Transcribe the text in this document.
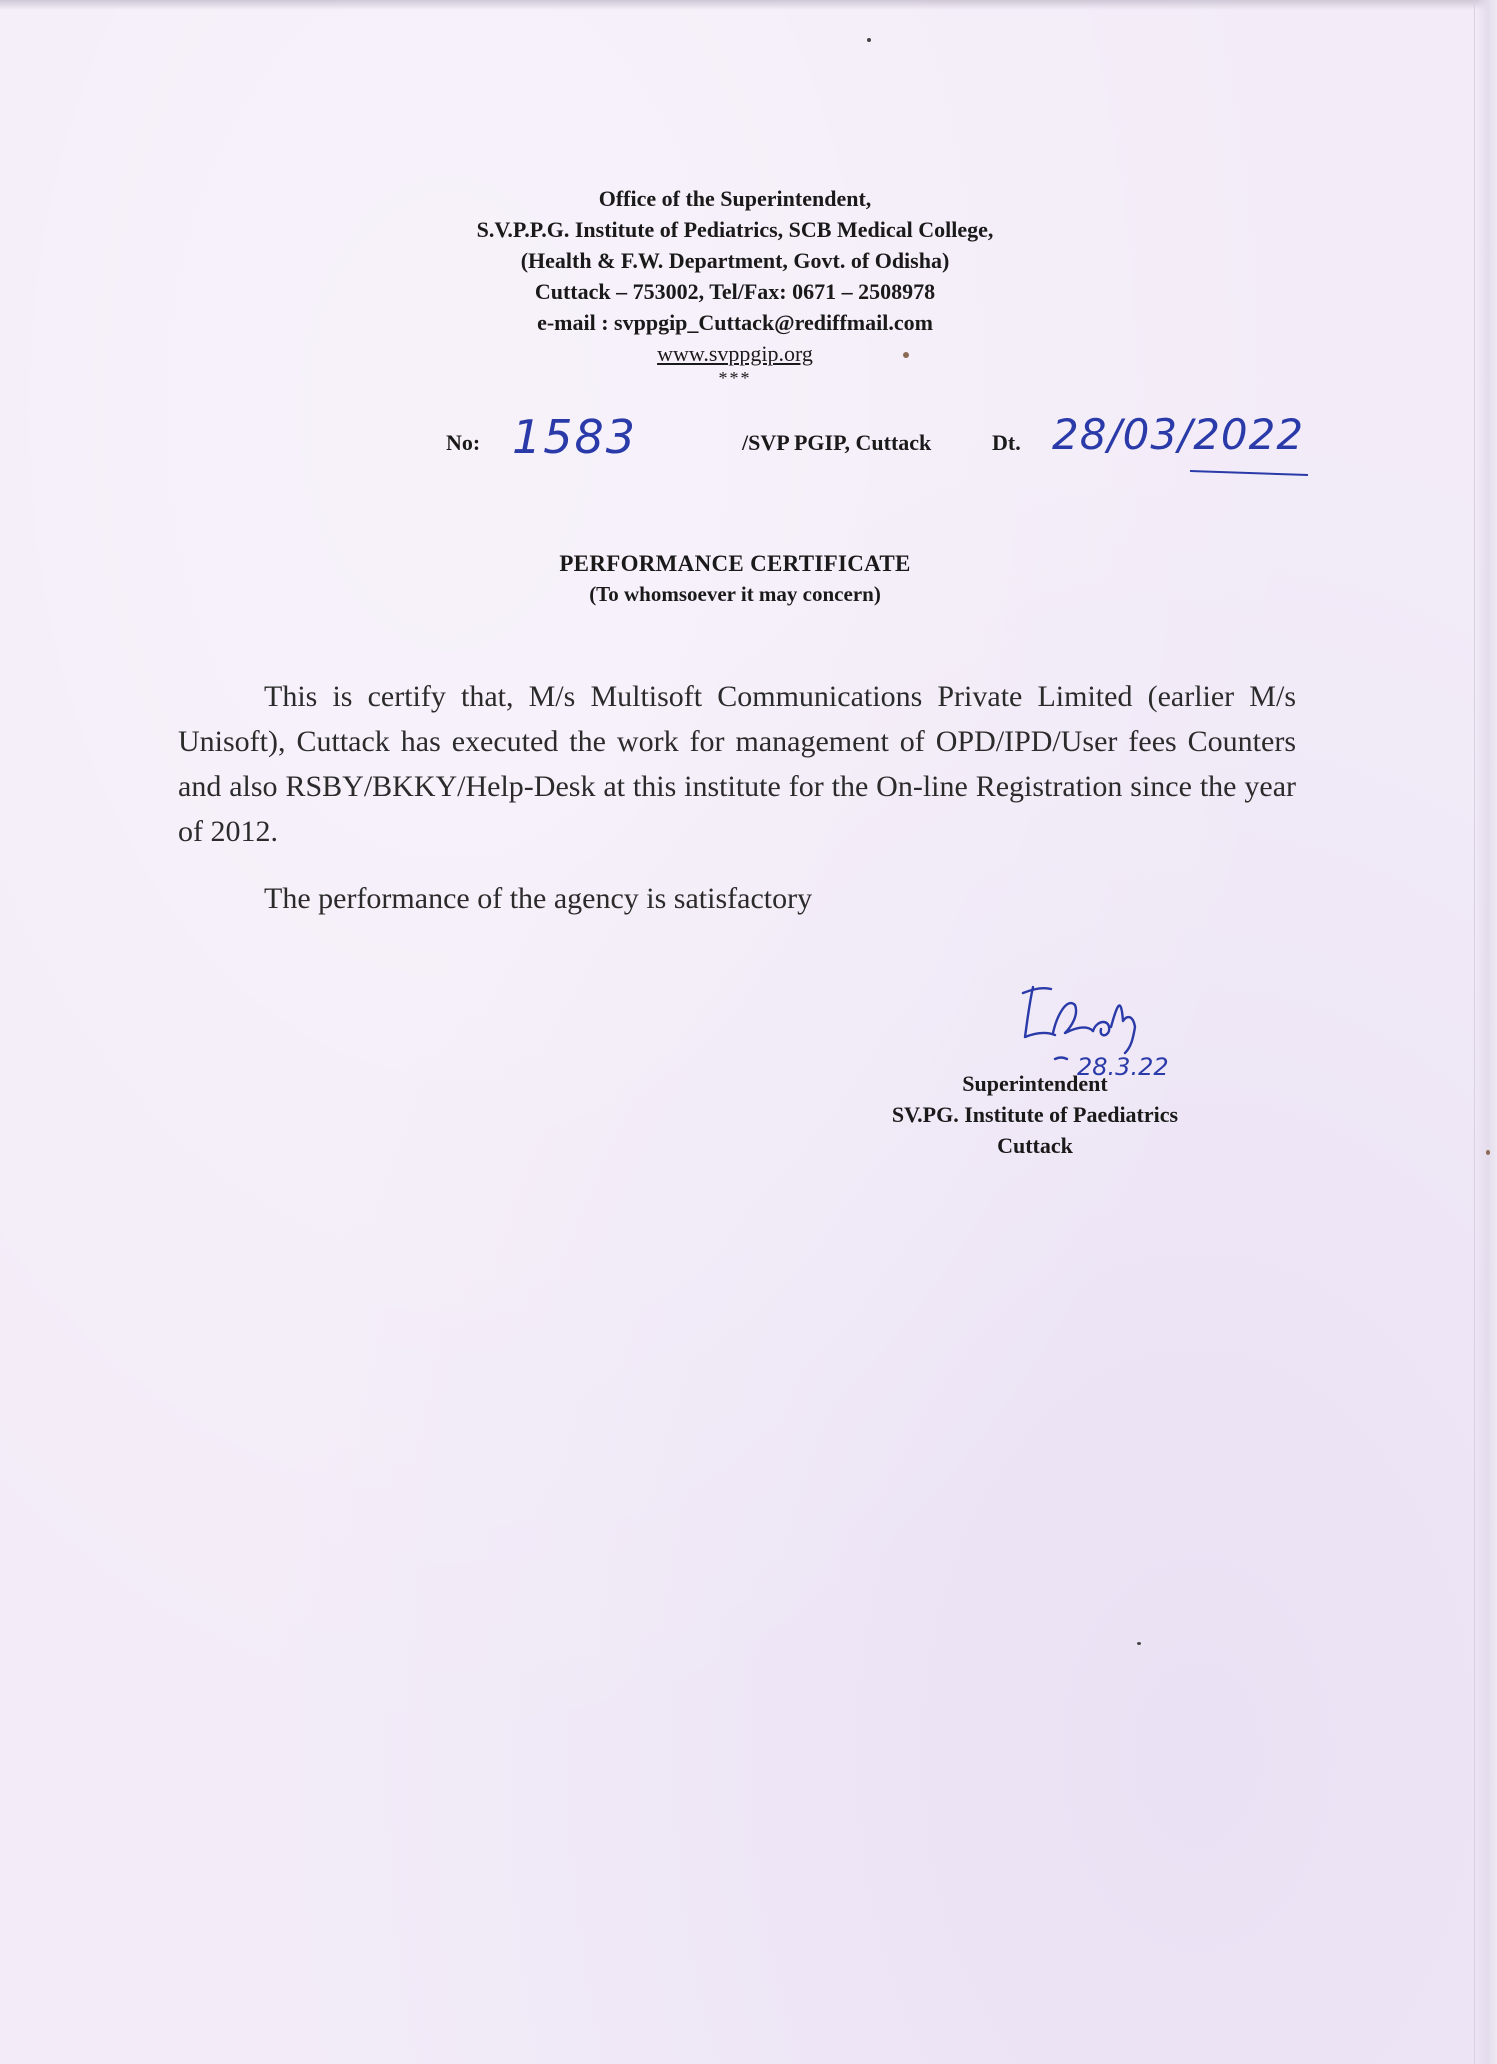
Office of the Superintendent,
S.V.P.P.G. Institute of Pediatrics, SCB Medical College,
(Health & F.W. Department, Govt. of Odisha)
Cuttack – 753002, Tel/Fax: 0671 – 2508978
e-mail : svppgip_Cuttack@rediffmail.com
www.svppgip.org
***
No: 1583	/SVP PGIP, Cuttack	Dt. 28/03/2022
PERFORMANCE CERTIFICATE
(To whomsoever it may concern)
This is certify that, M/s Multisoft Communications Private Limited (earlier M/s Unisoft), Cuttack has executed the work for management of OPD/IPD/User fees Counters and also RSBY/BKKY/Help-Desk at this institute for the On-line Registration since the year of 2012.
The performance of the agency is satisfactory
28.3.22
Superintendent
SV.PG. Institute of Paediatrics
Cuttack
